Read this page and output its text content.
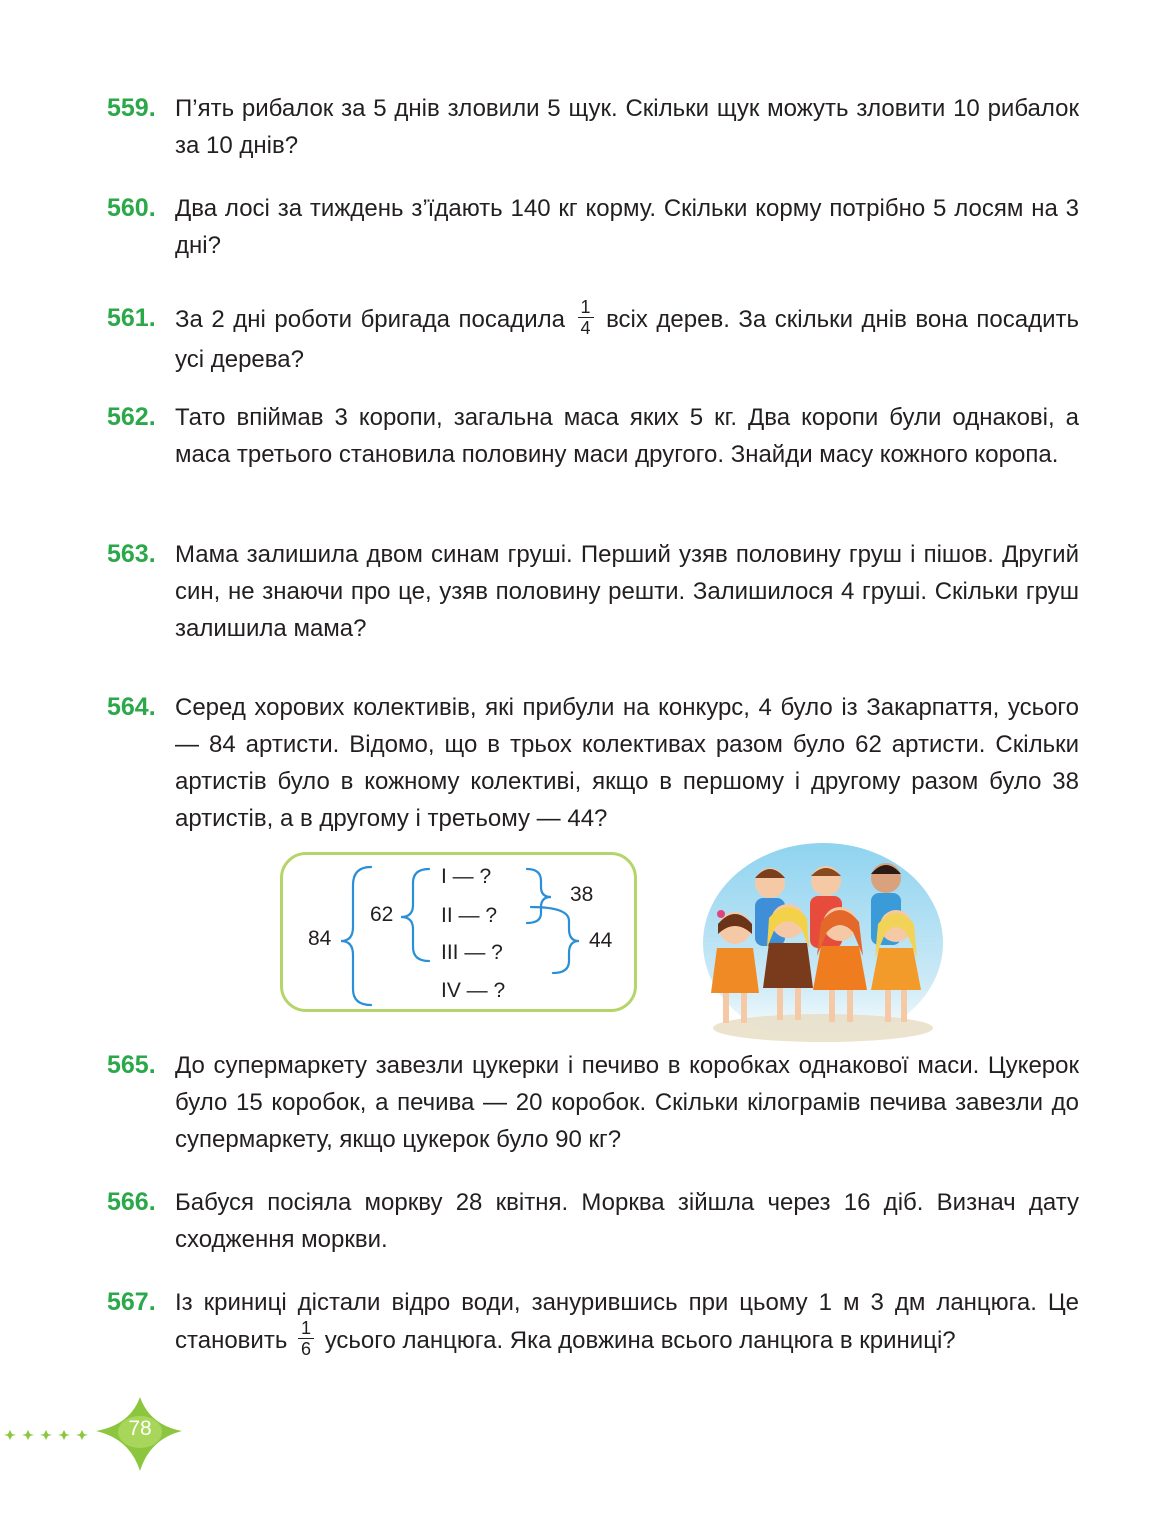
559. П’ять рибалок за 5 днів зловили 5 щук. Скільки щук можуть зловити 10 рибалок за 10 днів?
560. Два лосі за тиждень з’їдають 140 кг корму. Скільки корму потрібно 5 лосям на 3 дні?
561. За 2 дні роботи бригада посадила $\frac{1}{4}$ всіх дерев. За скільки днів вона посадить усі дерева?
562. Тато впіймав 3 коропи, загальна маса яких 5 кг. Два коропи були однакові, а маса третього становила половину маси другого. Знайди масу кожного коропа.
563. Мама залишила двом синам груші. Перший узяв половину груш і пішов. Другий син, не знаючи про це, узяв половину решти. Залишилося 4 груші. Скільки груш залишила мама?
564. Серед хорових колективів, які прибули на конкурс, 4 було із Закарпаття, усього — 84 артисти. Відомо, що в трьох колективах разом було 62 артисти. Скільки артистів було в кожному колективі, якщо в першому і другому разом було 38 артистів, а в другому і третьому — 44?
84
62
I — ?
II — ?
III — ?
IV — ?
38
44
565. До супермаркету завезли цукерки і печиво в коробках однакової маси. Цукерок було 15 коробок, а печива — 20 коробок. Скільки кілограмів печива завезли до супермаркету, якщо цукерок було 90 кг?
566. Бабуся посіяла моркву 28 квітня. Морква зійшла через 16 діб. Визнач дату сходження моркви.
567. Із криниці дістали відро води, занурившись при цьому 1 м 3 дм ланцюга. Це становить $\frac{1}{6}$ усього ланцюга. Яка довжина всього ланцюга в криниці?
78
